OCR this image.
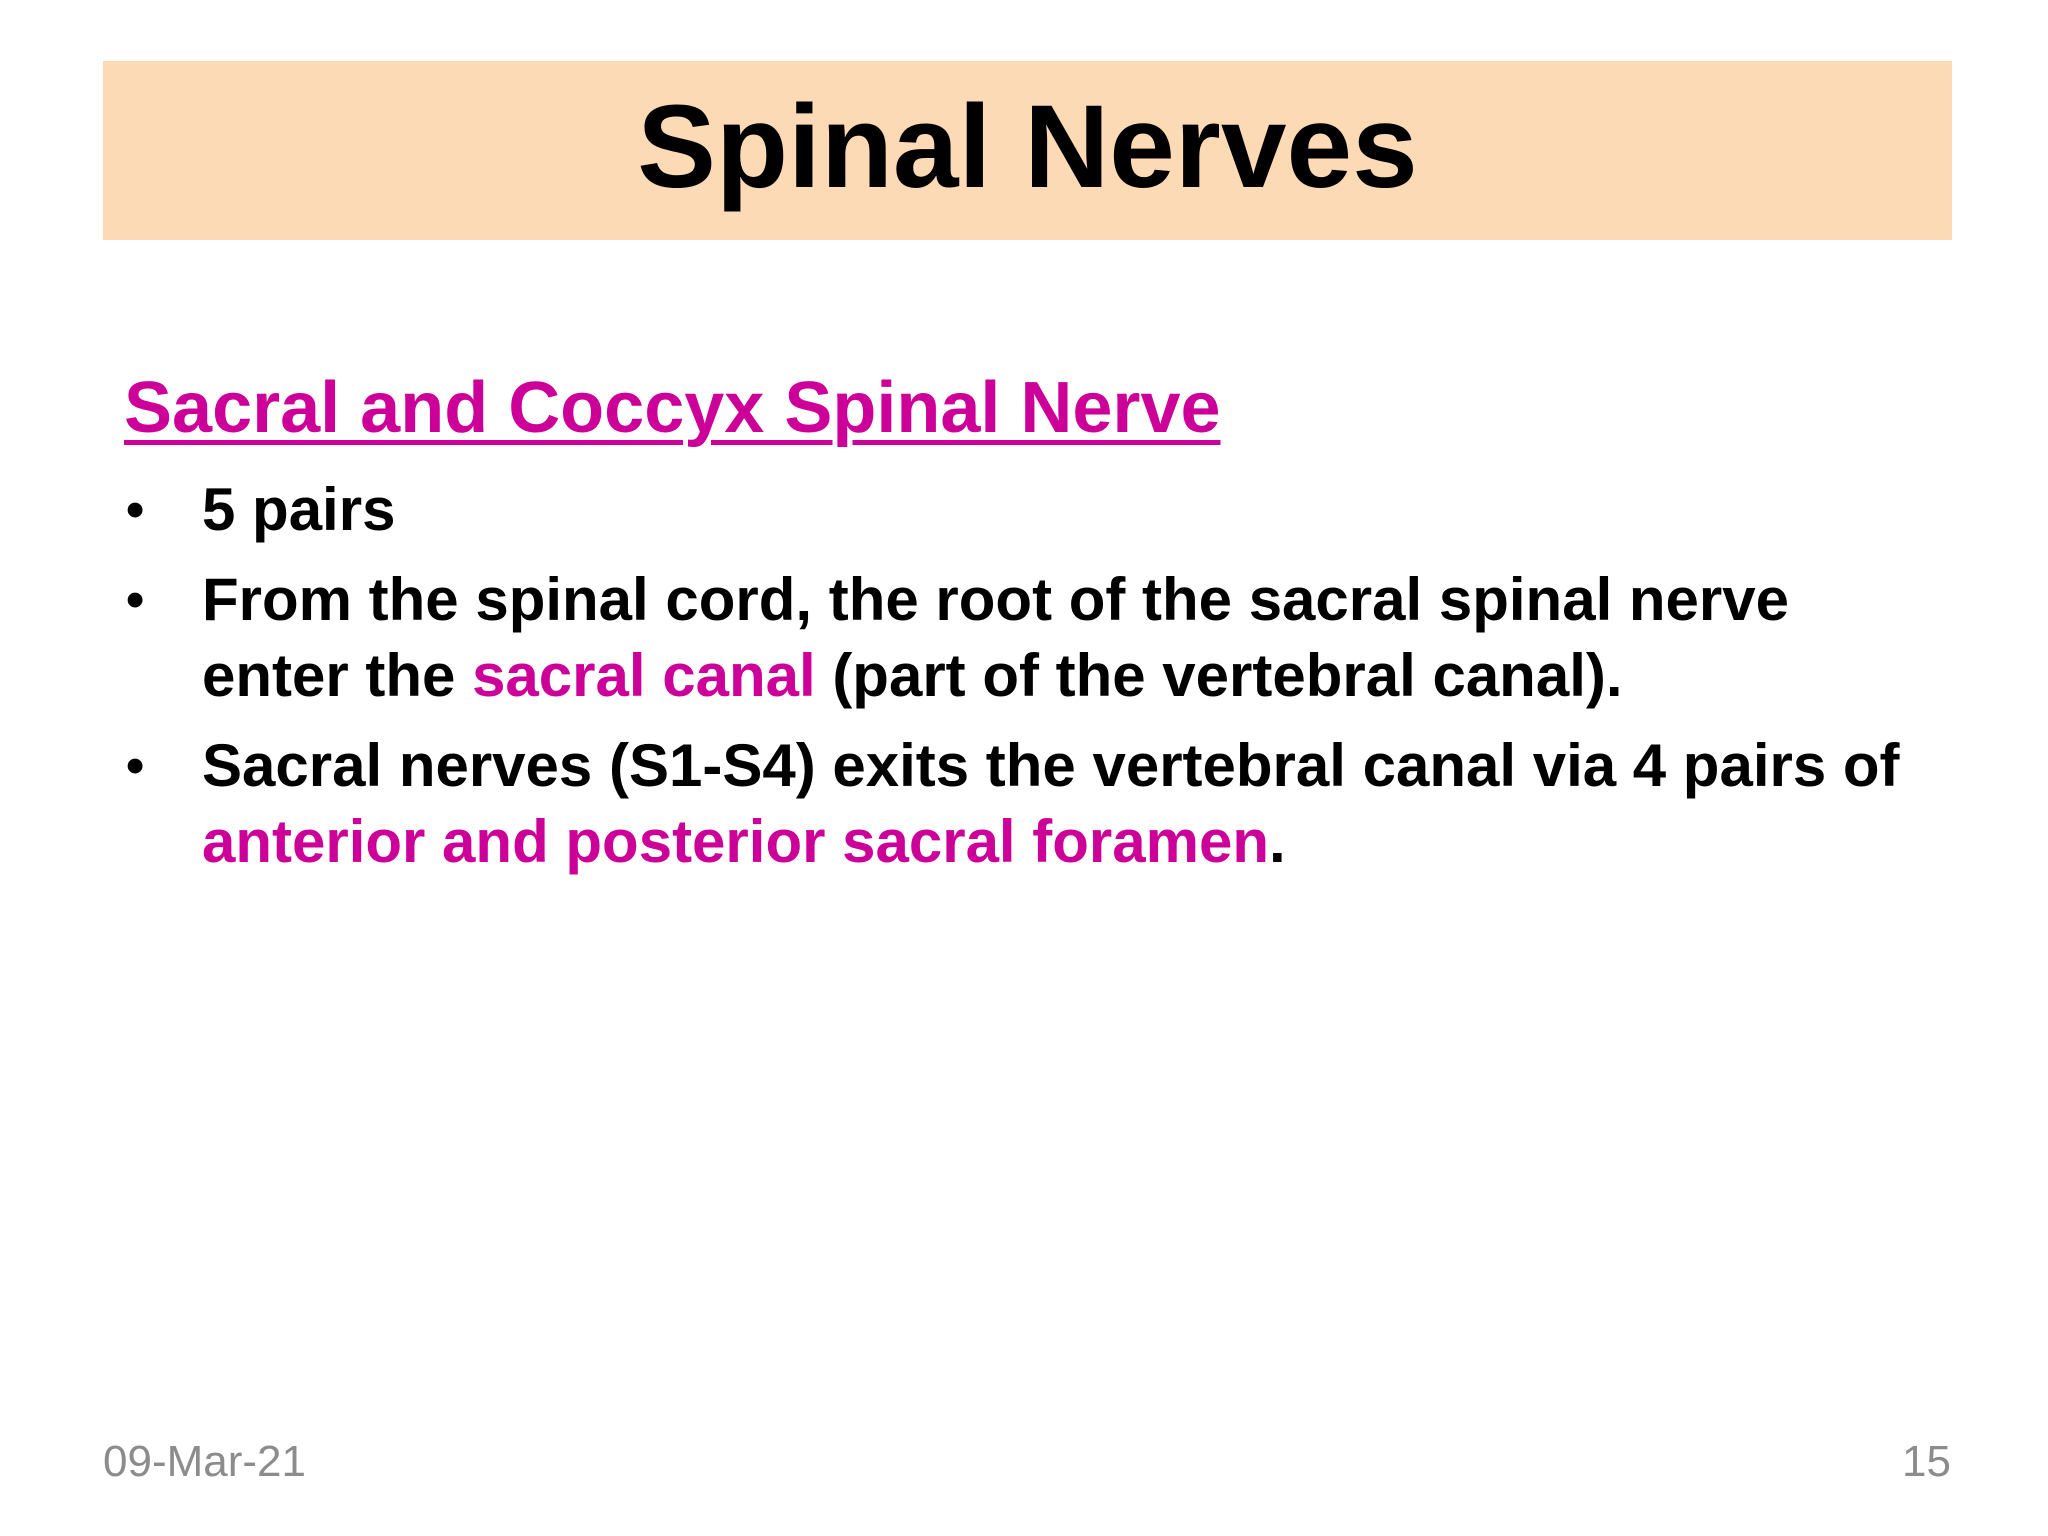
Spinal Nerves
Sacral and Coccyx Spinal Nerve
• 5 pairs
• From the spinal cord, the root of the sacral spinal nerve enter the sacral canal (part of the vertebral canal).
• Sacral nerves (S1-S4) exits the vertebral canal via 4 pairs of anterior and posterior sacral foramen.
09-Mar-21	15
